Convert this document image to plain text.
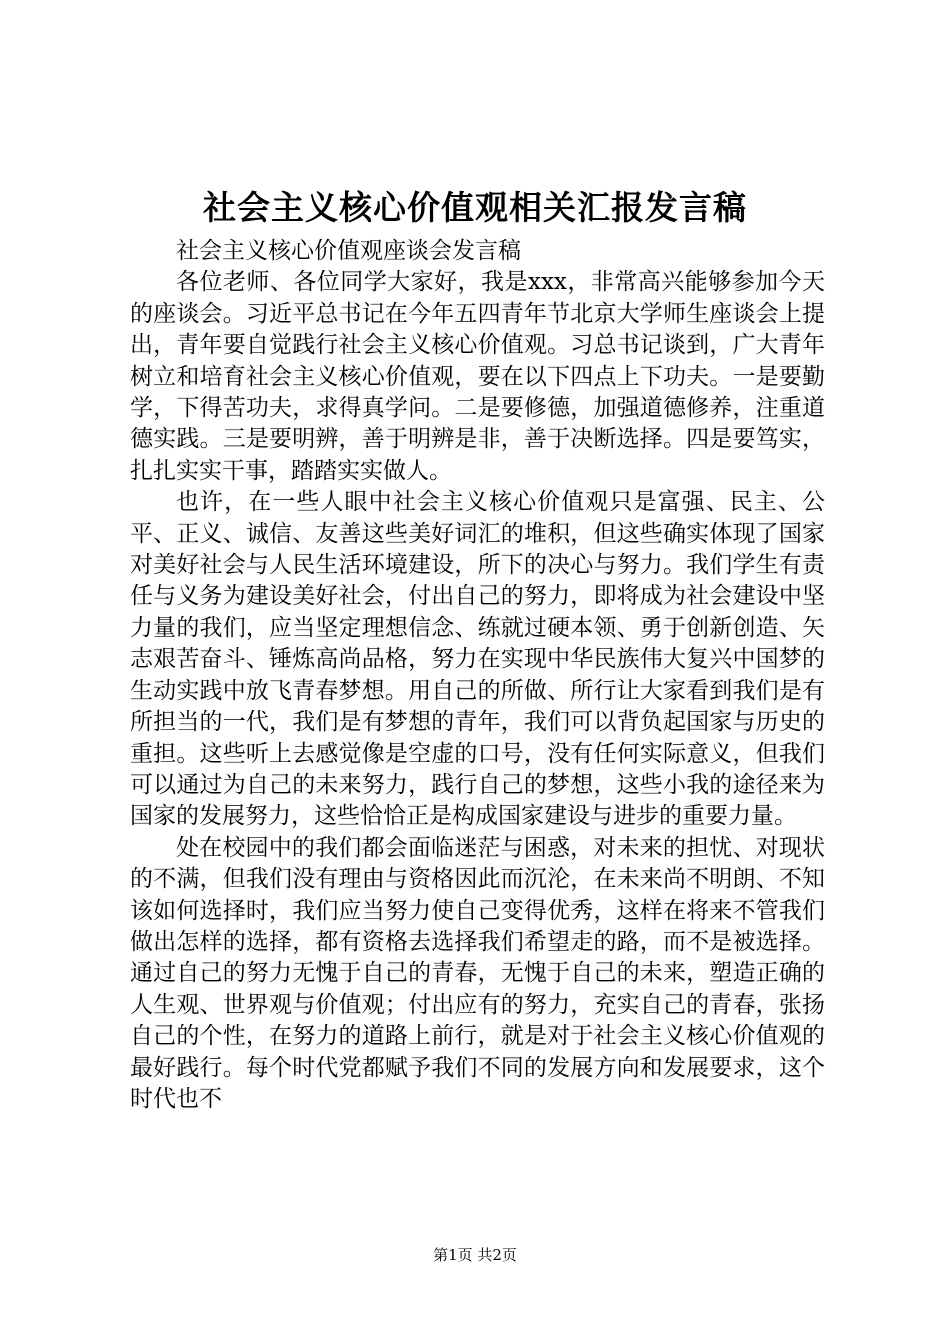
社会主义核心价值观相关汇报发言稿

社会主义核心价值观座谈会发言稿

各位老师、各位同学大家好，我是xxx，非常高兴能够参加今天的座谈会。习近平总书记在今年五四青年节北京大学师生座谈会上提出，青年要自觉践行社会主义核心价值观。习总书记谈到，广大青年树立和培育社会主义核心价值观，要在以下四点上下功夫。一是要勤学，下得苦功夫，求得真学问。二是要修德，加强道德修养，注重道德实践。三是要明辨，善于明辨是非，善于决断选择。四是要笃实，扎扎实实干事，踏踏实实做人。

也许，在一些人眼中社会主义核心价值观只是富强、民主、公平、正义、诚信、友善这些美好词汇的堆积，但这些确实体现了国家对美好社会与人民生活环境建设，所下的决心与努力。我们学生有责任与义务为建设美好社会，付出自己的努力，即将成为社会建设中坚力量的我们，应当坚定理想信念、练就过硬本领、勇于创新创造、矢志艰苦奋斗、锤炼高尚品格，努力在实现中华民族伟大复兴中国梦的生动实践中放飞青春梦想。用自己的所做、所行让大家看到我们是有所担当的一代，我们是有梦想的青年，我们可以背负起国家与历史的重担。这些听上去感觉像是空虚的口号，没有任何实际意义，但我们可以通过为自己的未来努力，践行自己的梦想，这些小我的途径来为国家的发展努力，这些恰恰正是构成国家建设与进步的重要力量。

处在校园中的我们都会面临迷茫与困惑，对未来的担忧、对现状的不满，但我们没有理由与资格因此而沉沦，在未来尚不明朗、不知该如何选择时，我们应当努力使自己变得优秀，这样在将来不管我们做出怎样的选择，都有资格去选择我们希望走的路，而不是被选择。通过自己的努力无愧于自己的青春，无愧于自己的未来，塑造正确的人生观、世界观与价值观；付出应有的努力，充实自己的青春，张扬自己的个性，在努力的道路上前行，就是对于社会主义核心价值观的最好践行。每个时代党都赋予我们不同的发展方向和发展要求，这个时代也不

第1页 共2页
